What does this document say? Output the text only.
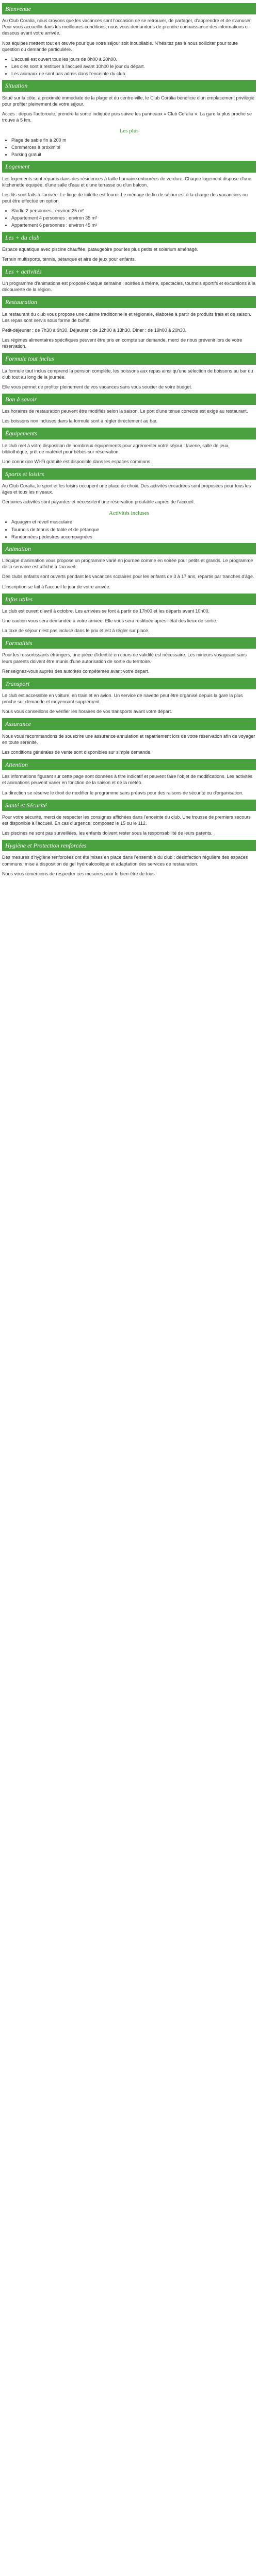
Bienvenue

Au Club Coralia, nous croyons que les vacances sont l'occasion de se retrouver, de partager, d'apprendre et de s'amuser. Pour vous accueillir dans les meilleures conditions, nous vous demandons de prendre connaissance des informations ci-dessous avant votre arrivée.

Nos équipes mettent tout en œuvre pour que votre séjour soit inoubliable. N'hésitez pas à nous solliciter pour toute question ou demande particulière.

• L'accueil est ouvert tous les jours de 8h00 à 20h00.
• Les clés sont à restituer à l'accueil avant 10h00 le jour du départ.
• Les animaux ne sont pas admis dans l'enceinte du club.
Situation

Situé sur la côte, à proximité immédiate de la plage et du centre-ville, le Club Coralia bénéficie d'un emplacement privilégié pour profiter pleinement de votre séjour.

Accès : depuis l'autoroute, prendre la sortie indiquée puis suivre les panneaux « Club Coralia ». La gare la plus proche se trouve à 5 km.

Les plus
• Plage de sable fin à 200 m
• Commerces à proximité
• Parking gratuit
Logement

Les logements sont répartis dans des résidences à taille humaine entourées de verdure. Chaque logement dispose d'une kitchenette équipée, d'une salle d'eau et d'une terrasse ou d'un balcon.

Les lits sont faits à l'arrivée. Le linge de toilette est fourni. Le ménage de fin de séjour est à la charge des vacanciers ou peut être effectué en option.

• Studio 2 personnes : environ 25 m²
• Appartement 4 personnes : environ 35 m²
• Appartement 6 personnes : environ 45 m²
Les + du club

Espace aquatique avec piscine chauffée, pataugeoire pour les plus petits et solarium aménagé.

Terrain multisports, tennis, pétanque et aire de jeux pour enfants.

Les + activités

Un programme d'animations est proposé chaque semaine : soirées à thème, spectacles, tournois sportifs et excursions à la découverte de la région.

Restauration

Le restaurant du club vous propose une cuisine traditionnelle et régionale, élaborée à partir de produits frais et de saison. Les repas sont servis sous forme de buffet.

Petit-déjeuner : de 7h30 à 9h30. Déjeuner : de 12h00 à 13h30. Dîner : de 19h00 à 20h30.

Les régimes alimentaires spécifiques peuvent être pris en compte sur demande, merci de nous prévenir lors de votre réservation.

Formule tout inclus

La formule tout inclus comprend la pension complète, les boissons aux repas ainsi qu'une sélection de boissons au bar du club tout au long de la journée.

Elle vous permet de profiter pleinement de vos vacances sans vous soucier de votre budget.

Bon à savoir

Les horaires de restauration peuvent être modifiés selon la saison. Le port d'une tenue correcte est exigé au restaurant.

Les boissons non incluses dans la formule sont à régler directement au bar.

Équipements

Le club met à votre disposition de nombreux équipements pour agrémenter votre séjour : laverie, salle de jeux, bibliothèque, prêt de matériel pour bébés sur réservation.

Une connexion Wi-Fi gratuite est disponible dans les espaces communs.

Sports et loisirs

Au Club Coralia, le sport et les loisirs occupent une place de choix. Des activités encadrées sont proposées pour tous les âges et tous les niveaux.

Certaines activités sont payantes et nécessitent une réservation préalable auprès de l'accueil.

Activités incluses
• Aquagym et réveil musculaire
• Tournois de tennis de table et de pétanque
• Randonnées pédestres accompagnées
Animation

L'équipe d'animation vous propose un programme varié en journée comme en soirée pour petits et grands. Le programme de la semaine est affiché à l'accueil.

Des clubs enfants sont ouverts pendant les vacances scolaires pour les enfants de 3 à 17 ans, répartis par tranches d'âge.

L'inscription se fait à l'accueil le jour de votre arrivée.

Infos utiles

Le club est ouvert d'avril à octobre. Les arrivées se font à partir de 17h00 et les départs avant 10h00.

Une caution vous sera demandée à votre arrivée. Elle vous sera restituée après l'état des lieux de sortie.

La taxe de séjour n'est pas incluse dans le prix et est à régler sur place.

Formalités

Pour les ressortissants étrangers, une pièce d'identité en cours de validité est nécessaire. Les mineurs voyageant sans leurs parents doivent être munis d'une autorisation de sortie du territoire.

Renseignez-vous auprès des autorités compétentes avant votre départ.

Transport

Le club est accessible en voiture, en train et en avion. Un service de navette peut être organisé depuis la gare la plus proche sur demande et moyennant supplément.

Nous vous conseillons de vérifier les horaires de vos transports avant votre départ.

Assurance

Nous vous recommandons de souscrire une assurance annulation et rapatriement lors de votre réservation afin de voyager en toute sérénité.

Les conditions générales de vente sont disponibles sur simple demande.

Attention

Les informations figurant sur cette page sont données à titre indicatif et peuvent faire l'objet de modifications. Les activités et animations peuvent varier en fonction de la saison et de la météo.

La direction se réserve le droit de modifier le programme sans préavis pour des raisons de sécurité ou d'organisation.

Santé et Sécurité

Pour votre sécurité, merci de respecter les consignes affichées dans l'enceinte du club. Une trousse de premiers secours est disponible à l'accueil. En cas d'urgence, composez le 15 ou le 112.

Les piscines ne sont pas surveillées, les enfants doivent rester sous la responsabilité de leurs parents.

Hygiène et Protection renforcées

Des mesures d'hygiène renforcées ont été mises en place dans l'ensemble du club : désinfection régulière des espaces communs, mise à disposition de gel hydroalcoolique et adaptation des services de restauration.

Nous vous remercions de respecter ces mesures pour le bien-être de tous.
